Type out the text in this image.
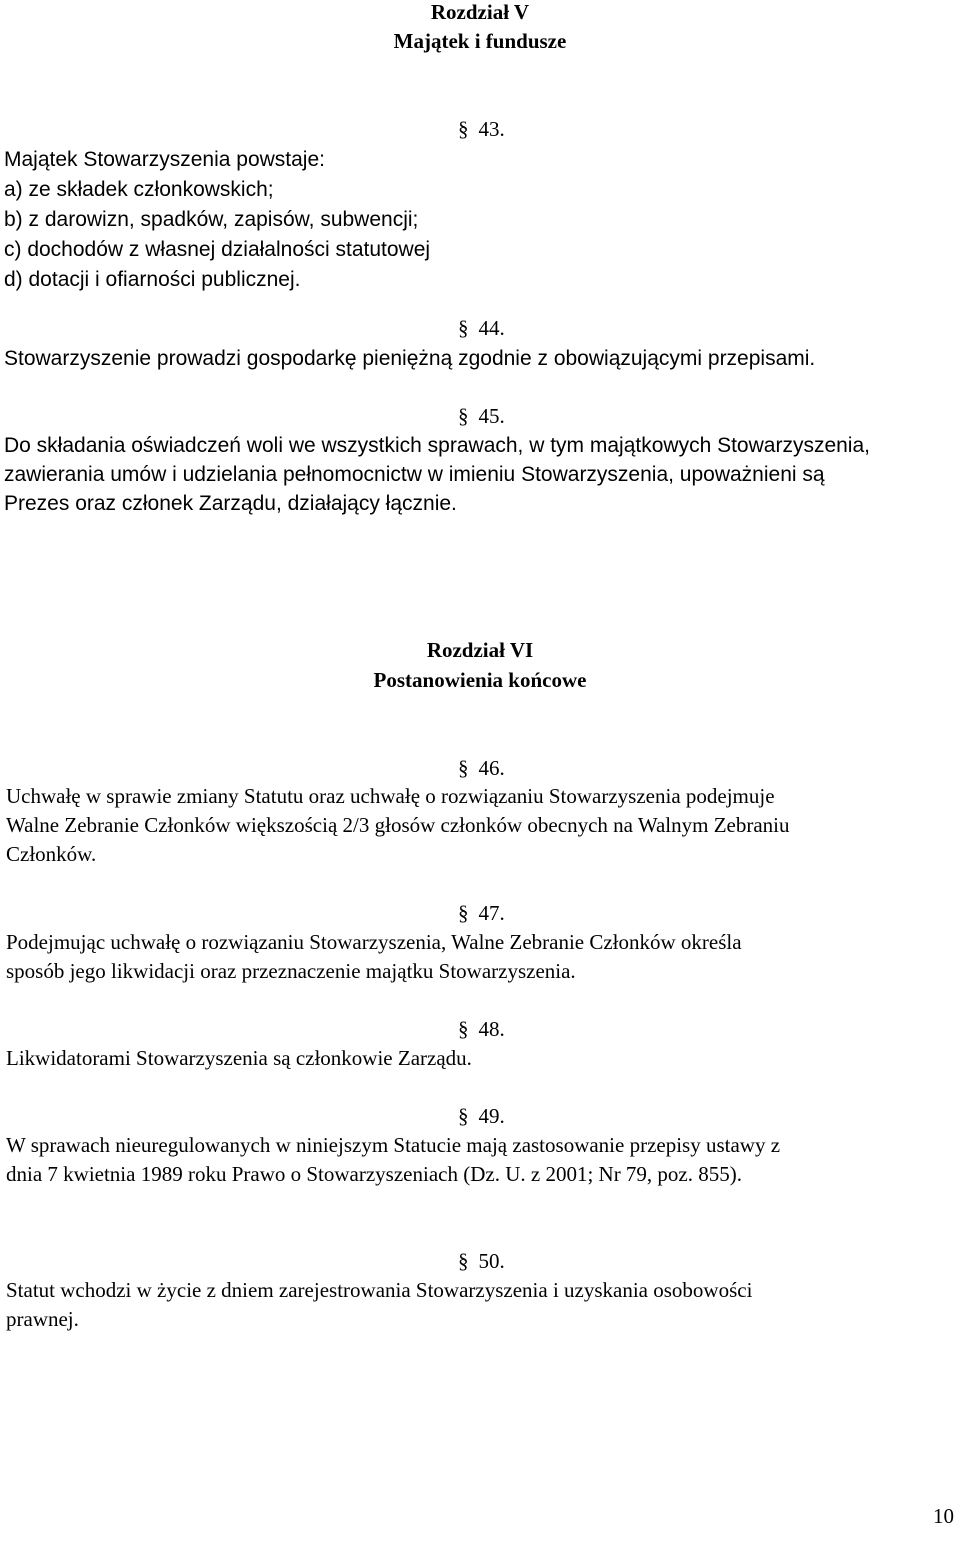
Rozdział V
Majątek i fundusze
§ 43.
Majątek Stowarzyszenia powstaje:
a) ze składek członkowskich;
b) z darowizn, spadków, zapisów, subwencji;
c) dochodów z własnej działalności statutowej
d) dotacji i ofiarności publicznej.
§ 44.
Stowarzyszenie prowadzi gospodarkę pieniężną zgodnie z obowiązującymi przepisami.
§ 45.
Do składania oświadczeń woli we wszystkich sprawach, w tym majątkowych Stowarzyszenia,
zawierania umów i udzielania pełnomocnictw w imieniu Stowarzyszenia, upoważnieni są
Prezes oraz członek Zarządu, działający łącznie.
Rozdział VI
Postanowienia końcowe
§ 46.
Uchwałę w sprawie zmiany Statutu oraz uchwałę o rozwiązaniu Stowarzyszenia podejmuje
Walne Zebranie Członków większością 2/3 głosów członków obecnych na Walnym Zebraniu
Członków.
§ 47.
Podejmując uchwałę o rozwiązaniu Stowarzyszenia, Walne Zebranie Członków określa
sposób jego likwidacji oraz przeznaczenie majątku Stowarzyszenia.
§ 48.
Likwidatorami Stowarzyszenia są członkowie Zarządu.
§ 49.
W sprawach nieuregulowanych w niniejszym Statucie mają zastosowanie przepisy ustawy z
dnia 7 kwietnia 1989 roku Prawo o Stowarzyszeniach (Dz. U. z 2001; Nr 79, poz. 855).
§ 50.
Statut wchodzi w życie z dniem zarejestrowania Stowarzyszenia i uzyskania osobowości
prawnej.
10
